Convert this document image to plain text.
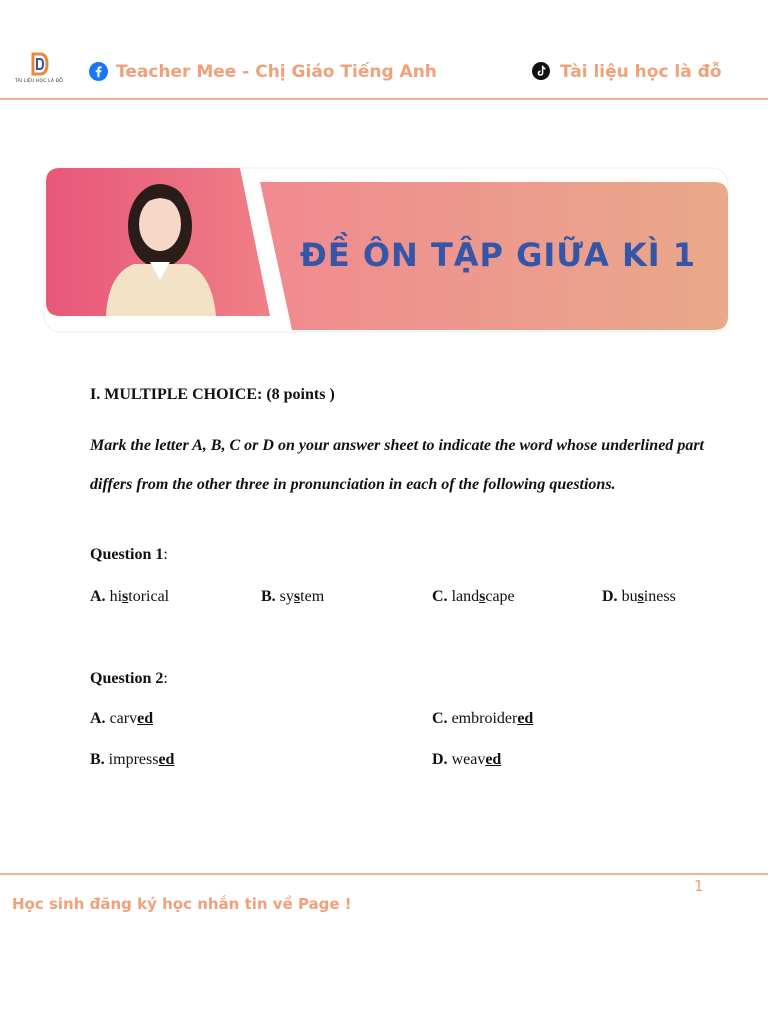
TÀI LIỆU HỌC LÀ ĐỖ	Teacher Mee - Chị Giáo Tiếng Anh	Tài liệu học là đỗ
ĐỀ ÔN TẬP GIỮA KÌ 1
I. MULTIPLE CHOICE: (8 points )
Mark the letter A, B, C or D on your answer sheet to indicate the word whose underlined part differs from the other three in pronunciation in each of the following questions.
Question 1:
A. historical	B. system	C. landscape	D. business
Question 2:
A. carved	C. embroidered
B. impressed	D. weaved
1
Học sinh đăng ký học nhắn tin về Page !
